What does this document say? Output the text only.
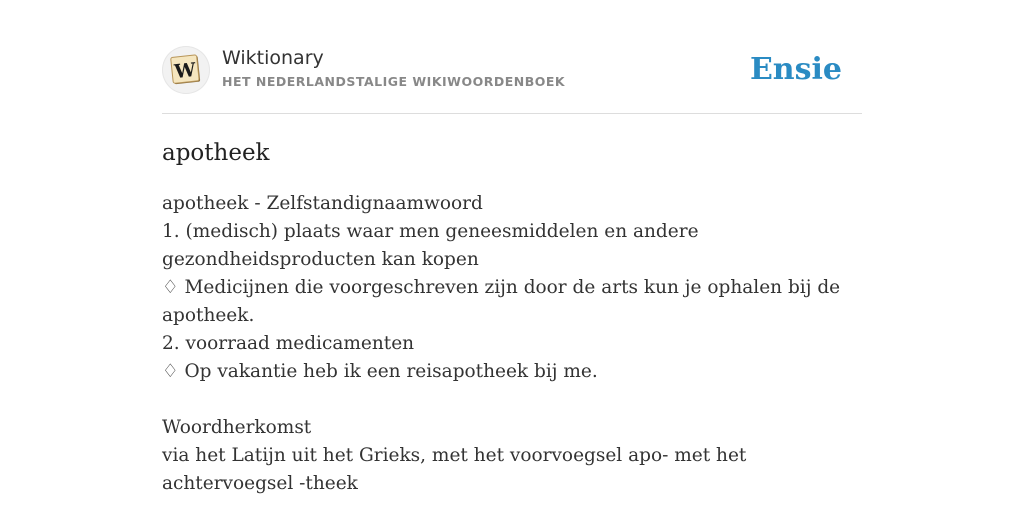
W
Wiktionary
HET NEDERLANDSTALIGE WIKIWOORDENBOEK	Ensie
apotheek

apotheek - Zelfstandignaamwoord

1. (medisch) plaats waar men geneesmiddelen en andere gezondheidsproducten kan kopen

♢ Medicijnen die voorgeschreven zijn door de arts kun je ophalen bij de apotheek.

2. voorraad medicamenten

♢ Op vakantie heb ik een reisapotheek bij me.

Woordherkomst

via het Latijn uit het Grieks, met het voorvoegsel apo- met het achtervoegsel -theek
